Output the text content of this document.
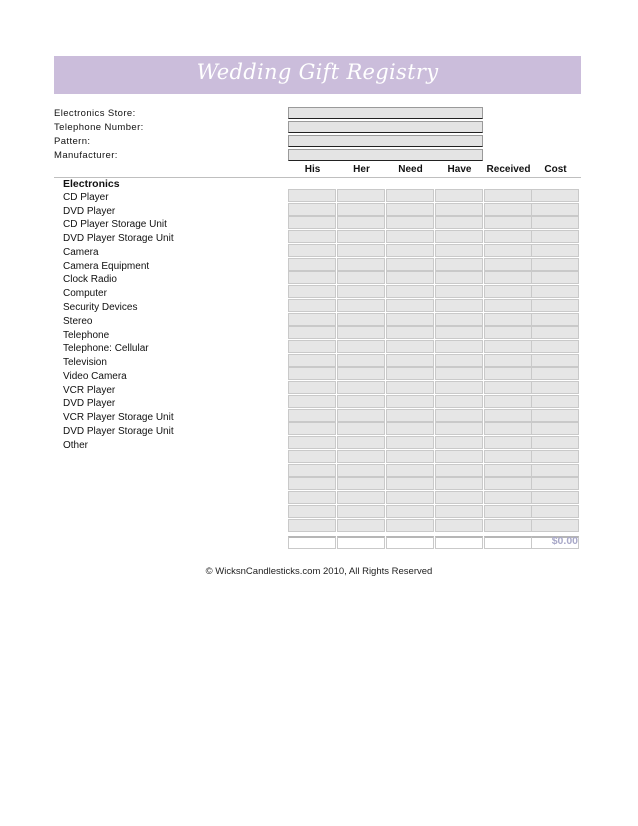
Wedding Gift Registry
Electronics Store:
Telephone Number:
Pattern:
Manufacturer:
His	Her	Need	Have	Received	Cost
Electronics
CD Player
DVD Player
CD Player Storage Unit
DVD Player Storage Unit
Camera
Camera Equipment
Clock Radio
Computer
Security Devices
Stereo
Telephone
Telephone: Cellular
Television
Video Camera
VCR Player
DVD Player
VCR Player Storage Unit
DVD Player Storage Unit
Other
$0.00
© WicksnCandlesticks.com 2010, All Rights Reserved
